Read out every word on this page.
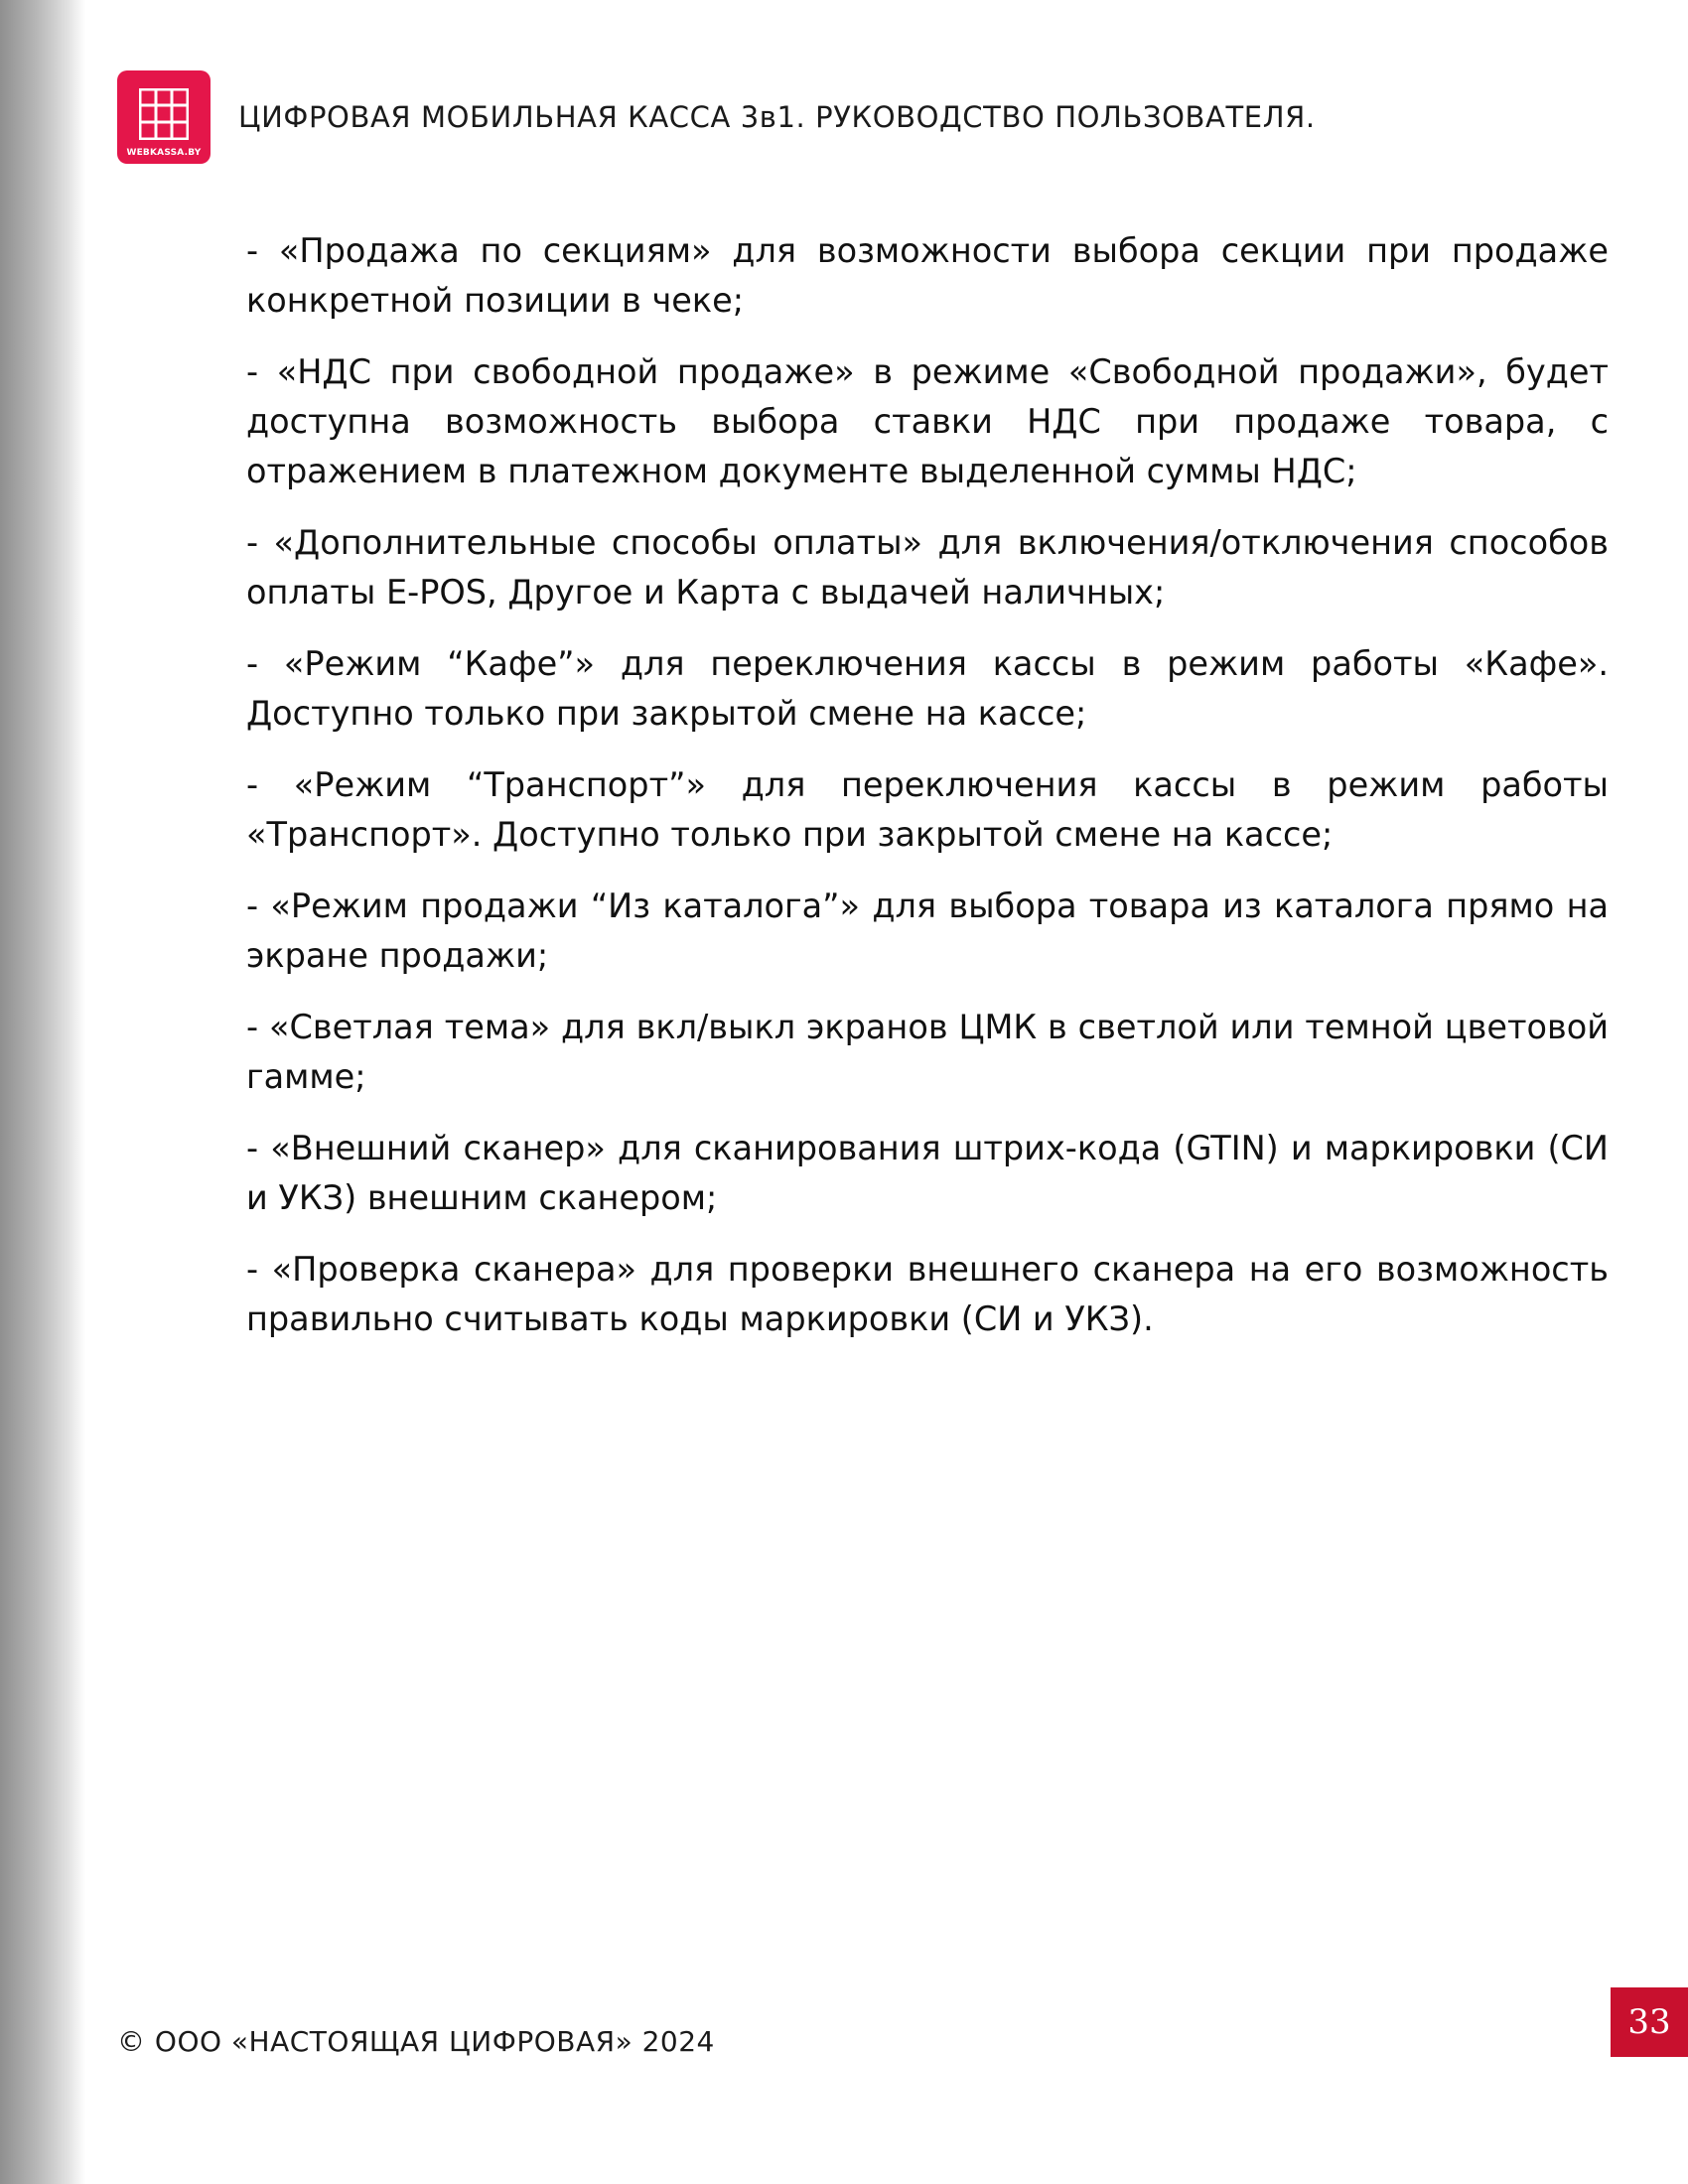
WEBKASSA.BY
ЦИФРОВАЯ МОБИЛЬНАЯ КАССА 3в1. РУКОВОДСТВО ПОЛЬЗОВАТЕЛЯ.

- «Продажа по секциям» для возможности выбора секции при продаже конкретной позиции в чеке;

- «НДС при свободной продаже» в режиме «Свободной продажи», будет доступна возможность выбора ставки НДС при продаже товара, с отражением в платежном документе выделенной суммы НДС;

- «Дополнительные способы оплаты» для включения/отключения способов оплаты E-POS, Другое и Карта с выдачей наличных;

- «Режим “Кафе”» для переключения кассы в режим работы «Кафе». Доступно только при закрытой смене на кассе;

- «Режим “Транспорт”» для переключения кассы в режим работы «Транспорт». Доступно только при закрытой смене на кассе;

- «Режим продажи “Из каталога”» для выбора товара из каталога прямо на экране продажи;

- «Светлая тема» для вкл/выкл экранов ЦМК в светлой или темной цветовой гамме;

- «Внешний сканер» для сканирования штрих-кода (GTIN) и маркировки (СИ и УКЗ) внешним сканером;

- «Проверка сканера» для проверки внешнего сканера на его возможность правильно считывать коды маркировки (СИ и УКЗ).

© ООО «НАСТОЯЩАЯ ЦИФРОВАЯ» 2024	33
